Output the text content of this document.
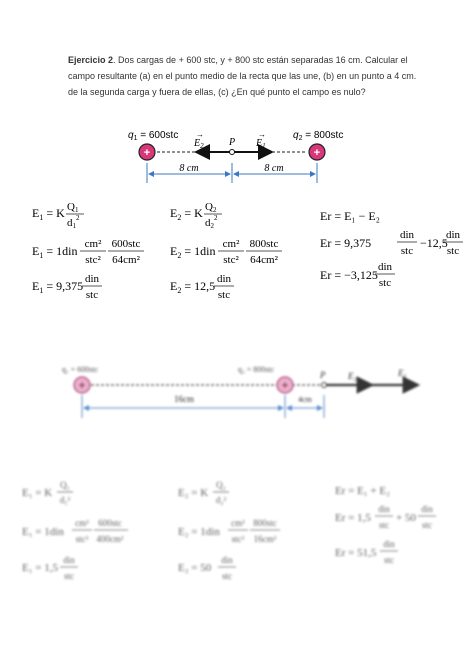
Ejercicio 2. Dos cargas de + 600 stc, y + 800 stc están separadas 16 cm. Calcular el campo resultante (a) en el punto medio de la recta que las une, (b) en un punto a 4 cm. de la segunda carga y fuera de ellas, (c) ¿En qué punto el campo es nulo?
$q_1 = 600stc$	$q_2 = 800stc$
$E_2$
→
$E_1$
→
P
+	+
8 cm	8 cm
$E_1 = K$ Q1
$d1^2$
$E_1 = 1din$ cm²
stc²
600stc
64cm²
$E_1 = 9,375$ din
stc
$E_2 = K$ Q2
$d2^2$
$E_2 = 1din$ cm²
stc²
800stc
64cm²
$E_2 = 12,5$ din
stc
Er = E₁ − E₂
Er = 9,375
din
stc
−12,5
din
stc
Er = −3,125
din
stc
q₁ = 600stc	q₂ = 800stc
P	E₂	E₁
+	+
16cm	4cm
E₁ = K
Q₁
d₁²
E₁ = 1din
cm²
stc²
600stc
400cm²
E₁ = 1,5
din
stc
E₂ = K
Q₂
d₂²
E₂ = 1din
cm²
stc²
800stc
16cm²
E₂ = 50
din
stc
Er = E₁ + E₂
Er = 1,5
din
stc
+ 50
din
stc
Er = 51,5
din
stc
